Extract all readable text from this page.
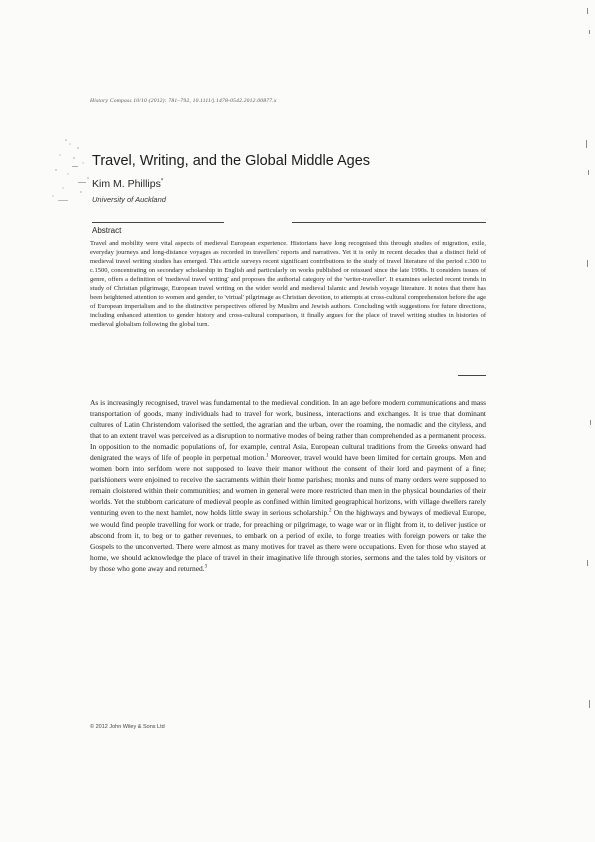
History Compass 10/10 (2012): 781–792, 10.1111/j.1478-0542.2012.00877.x
Travel, Writing, and the Global Middle Ages
Kim M. Phillips*
University of Auckland
Abstract

Travel and mobility were vital aspects of medieval European experience. Historians have long recognised this through studies of migration, exile, everyday journeys and long-distance voyages as recorded in travellers' reports and narratives. Yet it is only in recent decades that a distinct field of medieval travel writing studies has emerged. This article surveys recent significant contributions to the study of travel literature of the period c.300 to c.1500, concentrating on secondary scholarship in English and particularly on works published or reissued since the late 1990s. It considers issues of genre, offers a definition of 'medieval travel writing' and proposes the authorial category of the 'writer-traveller'. It examines selected recent trends in study of Christian pilgrimage, European travel writing on the wider world and medieval Islamic and Jewish voyage literature. It notes that there has been heightened attention to women and gender, to 'virtual' pilgrimage as Christian devotion, to attempts at cross-cultural comprehension before the age of European imperialism and to the distinctive perspectives offered by Muslim and Jewish authors. Concluding with suggestions for future directions, including enhanced attention to gender history and cross-cultural comparison, it finally argues for the place of travel writing studies in histories of medieval globalism following the global turn.

As is increasingly recognised, travel was fundamental to the medieval condition. In an age before modern communications and mass transportation of goods, many individuals had to travel for work, business, interactions and exchanges. It is true that dominant cultures of Latin Christendom valorised the settled, the agrarian and the urban, over the roaming, the nomadic and the cityless, and that to an extent travel was perceived as a disruption to normative modes of being rather than comprehended as a permanent process. In opposition to the nomadic populations of, for example, central Asia, European cultural traditions from the Greeks onward had denigrated the ways of life of people in perpetual motion.$^1$ Moreover, travel would have been limited for certain groups. Men and women born into serfdom were not supposed to leave their manor without the consent of their lord and payment of a fine; parishioners were enjoined to receive the sacraments within their home parishes; monks and nuns of many orders were supposed to remain cloistered within their communities; and women in general were more restricted than men in the physical boundaries of their worlds. Yet the stubborn caricature of medieval people as confined within limited geographical horizons, with village dwellers rarely venturing even to the next hamlet, now holds little sway in serious scholarship.$^2$ On the highways and byways of medieval Europe, we would find people travelling for work or trade, for preaching or pilgrimage, to wage war or in flight from it, to deliver justice or abscond from it, to beg or to gather revenues, to embark on a period of exile, to forge treaties with foreign powers or take the Gospels to the unconverted. There were almost as many motives for travel as there were occupations. Even for those who stayed at home, we should acknowledge the place of travel in their imaginative life through stories, sermons and the tales told by visitors or by those who gone away and returned.$^3$

© 2012 John Wiley & Sons Ltd
